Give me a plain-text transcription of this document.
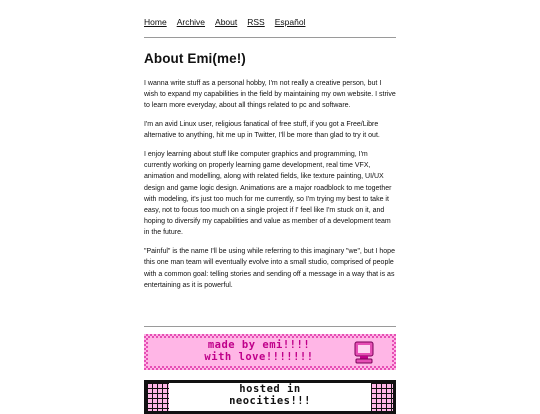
Home Archive About RSS Español
About Emi(me!)

I wanna write stuff as a personal hobby, I'm not really a creative person, but I wish to expand my capabilities in the field by maintaining my own website. I strive to learn more everyday, about all things related to pc and software.

I'm an avid Linux user, religious fanatical of free stuff, if you got a Free/Libre alternative to anything, hit me up in Twitter, I'll be more than glad to try it out.

I enjoy learning about stuff like computer graphics and programming, I'm currently working on properly learning game development, real time VFX, animation and modelling, along with related fields, like texture painting, UI/UX design and game logic design. Animations are a major roadblock to me together with modeling, it's just too much for me currently, so I'm trying my best to take it easy, not to focus too much on a single project if I' feel like I'm stuck on it, and hoping to diversify my capabilities and value as member of a development team in the future.

"Painful" is the name I'll be using while referring to this imaginary "we", but I hope this one man team will eventually evolve into a small studio, comprised of people with a common goal: telling stories and sending off a message in a way that is as entertaining as it is powerful.

made by emi!!!!
with love!!!!!!!
hosted in
neocities!!!
